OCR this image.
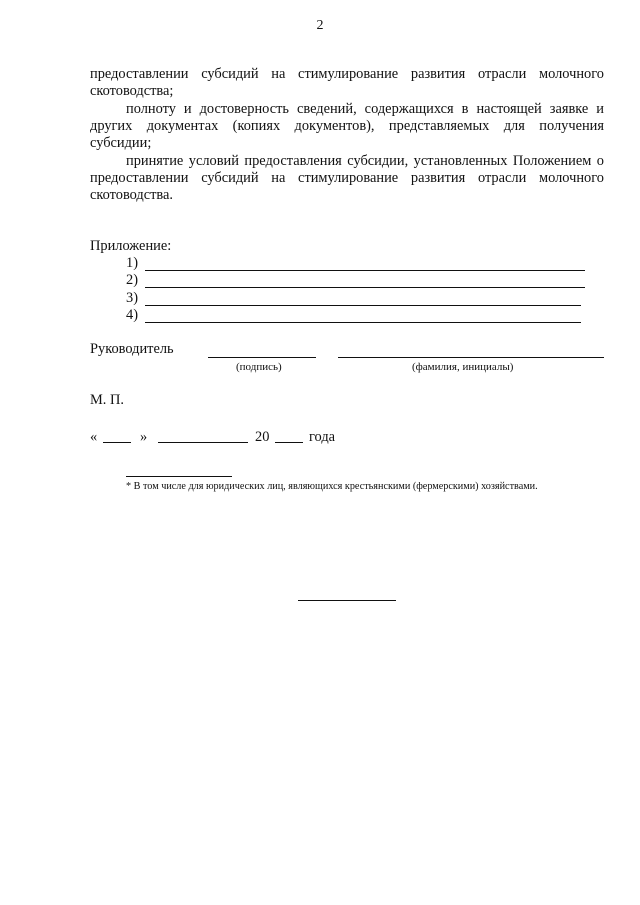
2

предоставлении субсидий на стимулирование развития отрасли молочного скотоводства;

полноту и достоверность сведений, содержащихся в настоящей заявке и других документах (копиях документов), представляемых для получения субсидии;

принятие условий предоставления субсидии, установленных Положением о предоставлении субсидий на стимулирование развития отрасли молочного скотоводства.

Приложение:
1)
2)
3)
4)
Руководитель
(подпись)	(фамилия, инициалы)
М. П.
«	»	20	года
* В том числе для юридических лиц, являющихся крестьянскими (фермерскими) хозяйствами.
